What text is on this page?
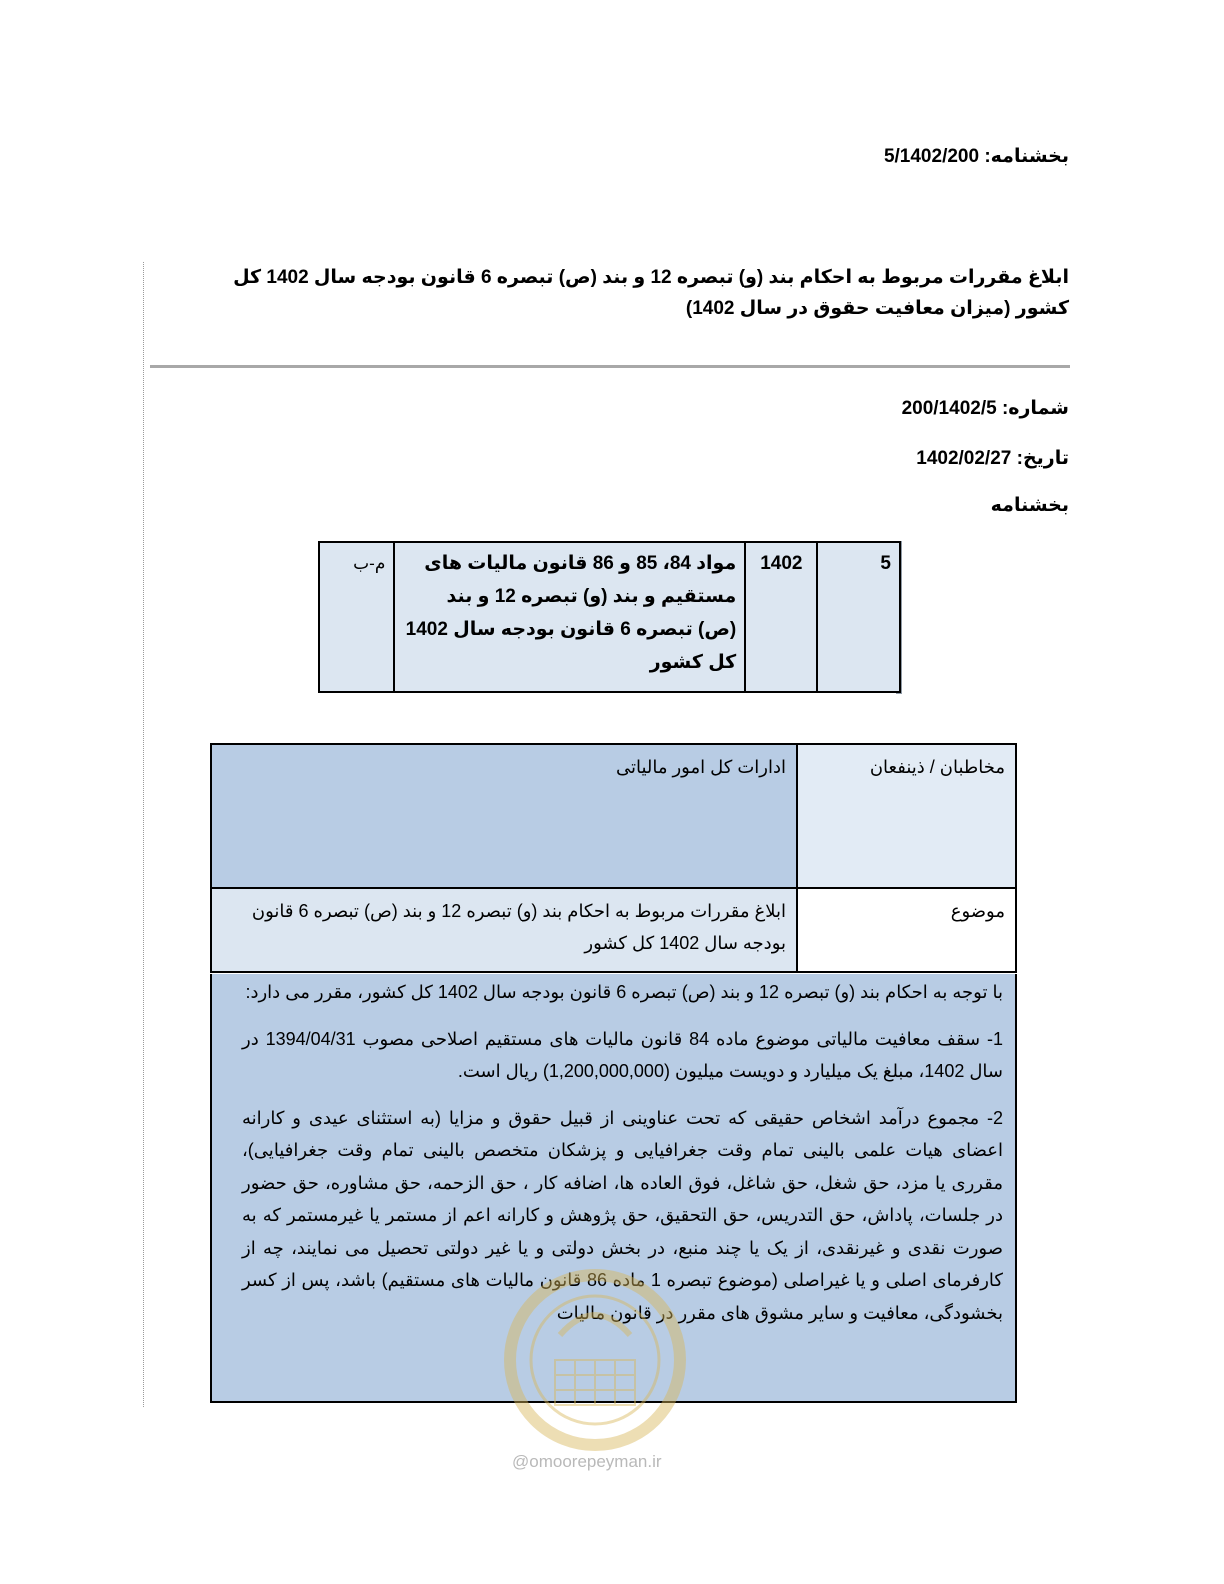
بخشنامه: 5/1402/200
ابلاغ مقررات مربوط به احکام بند (و) تبصره 12 و بند (ص) تبصره 6 قانون بودجه سال 1402 کل کشور (میزان معافیت حقوق در سال 1402)
شماره: 200/1402/5
تاریخ: 1402/02/27
بخشنامه
5	1402	مواد 84، 85 و 86 قانون مالیات های مستقیم و بند (و) تبصره 12 و بند (ص) تبصره 6 قانون بودجه سال 1402 کل کشور	م-ب
مخاطبان / ذینفعان	ادارات کل امور مالیاتی
موضوع	ابلاغ مقررات مربوط به احکام بند (و) تبصره 12 و بند (ص) تبصره 6 قانون بودجه سال 1402 کل کشور

با توجه به احکام بند (و) تبصره 12 و بند (ص) تبصره 6 قانون بودجه سال 1402 کل کشور، مقرر می دارد:

1- سقف معافیت مالیاتی موضوع ماده 84 قانون مالیات های مستقیم اصلاحی مصوب 1394/04/31 در سال 1402، مبلغ یک میلیارد و دویست میلیون (1,200,000,000) ریال است.

2- مجموع درآمد اشخاص حقیقی که تحت عناوینی از قبیل حقوق و مزایا (به استثنای عیدی و کارانه اعضای هیات علمی بالینی تمام وقت جغرافیایی و پزشکان متخصص بالینی تمام وقت جغرافیایی)، مقرری یا مزد، حق شغل، حق شاغل، فوق العاده ها، اضافه کار ، حق الزحمه، حق مشاوره، حق حضور در جلسات، پاداش، حق التدریس، حق التحقیق، حق پژوهش و کارانه اعم از مستمر یا غیرمستمر که به صورت نقدی و غیرنقدی، از یک یا چند منبع، در بخش دولتی و یا غیر دولتی تحصیل می نمایند، چه از کارفرمای اصلی و یا غیراصلی (موضوع تبصره 1 ماده 86 قانون مالیات های مستقیم) باشد، پس از کسر بخشودگی، معافیت و سایر مشوق های مقرر در قانون مالیات

@omoorepeyman.ir
